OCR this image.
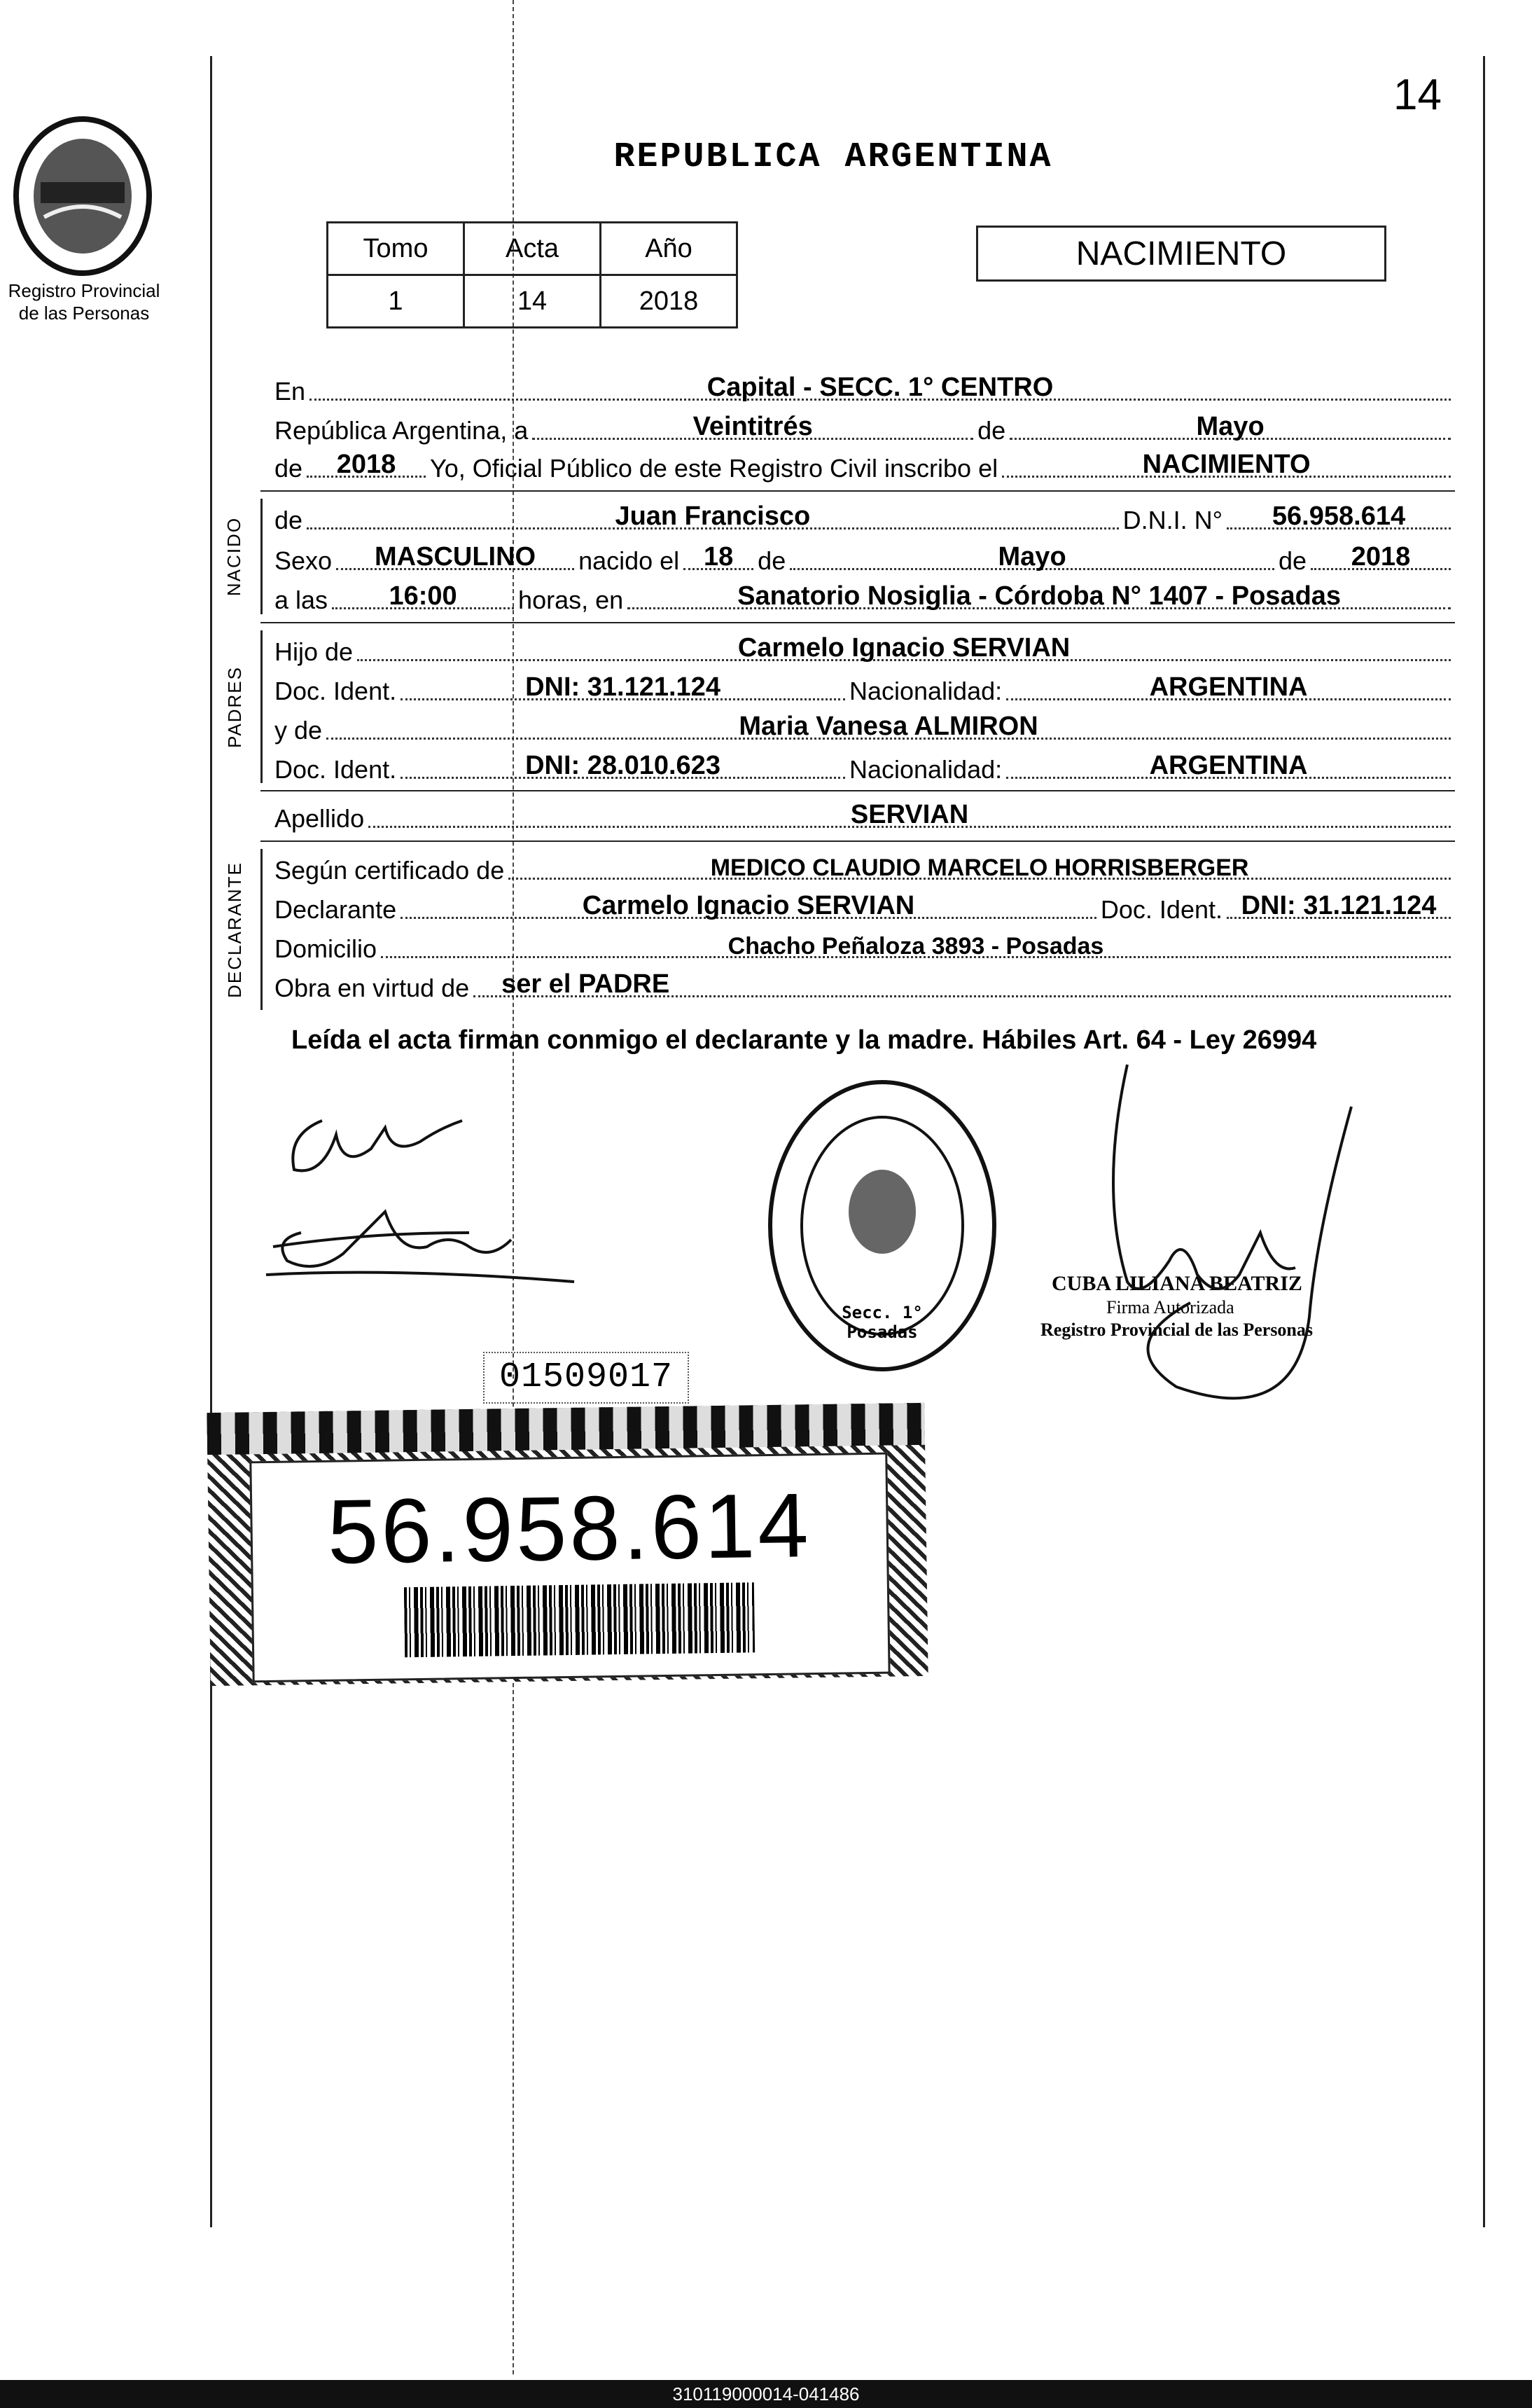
Registro Provincial
de las Personas
14
REPUBLICA ARGENTINA
Tomo	Acta	Año
1	14	2018
NACIMIENTO
En	Capital - SECC. 1° CENTRO
República Argentina, a	Veintitrés	de	Mayo
de	2018	Yo, Oficial Público de este Registro Civil inscribo el	NACIMIENTO
NACIDO de	Juan Francisco	D.N.I. N°	56.958.614
Sexo	MASCULINO	nacido el 18 de	Mayo	de	2018
a las	16:00	horas, en	Sanatorio Nosiglia - Córdoba N° 1407 - Posadas
PADRES
Hijo de	Carmelo Ignacio SERVIAN
Doc. Ident.	DNI: 31.121.124	Nacionalidad:	ARGENTINA
y de	Maria Vanesa ALMIRON
Doc. Ident.	DNI: 28.010.623	Nacionalidad:	ARGENTINA
Apellido	SERVIAN
DECLARANTE Según certificado de	MEDICO CLAUDIO MARCELO HORRISBERGER
Declarante	Carmelo Ignacio SERVIAN	Doc. Ident. DNI: 31.121.124
Domicilio	Chacho Peñaloza 3893 - Posadas
Obra en virtud de	ser el PADRE
Leída el acta firman conmigo el declarante y la madre. Hábiles Art. 64 - Ley 26994
Secc. 1° Posadas
CUBA LILIANA BEATRIZ
Firma Autorizada
Registro Provincial de las Personas
01509017
56.958.614
310119000014-041486
